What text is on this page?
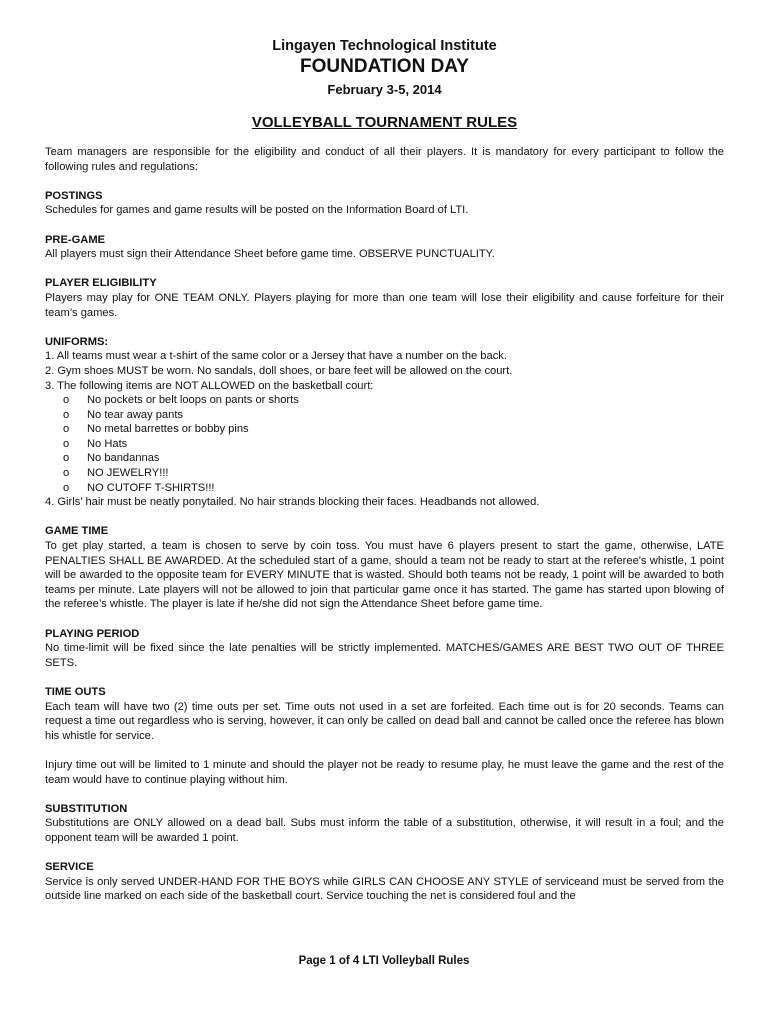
Lingayen Technological Institute
FOUNDATION DAY
February 3-5, 2014
VOLLEYBALL TOURNAMENT RULES

Team managers are responsible for the eligibility and conduct of all their players. It is mandatory for every participant to follow the following rules and regulations:

POSTINGS

Schedules for games and game results will be posted on the Information Board of LTI.

PRE-GAME

All players must sign their Attendance Sheet before game time. OBSERVE PUNCTUALITY.

PLAYER ELIGIBILITY

Players may play for ONE TEAM ONLY. Players playing for more than one team will lose their eligibility and cause forfeiture for their team’s games.

UNIFORMS:

1. All teams must wear a t-shirt of the same color or a Jersey that have a number on the back.

2. Gym shoes MUST be worn. No sandals, doll shoes, or bare feet will be allowed on the court.

3. The following items are NOT ALLOWED on the basketball court:

o	No pockets or belt loops on pants or shorts
o	No tear away pants
o	No metal barrettes or bobby pins
o	No Hats
o	No bandannas
o	NO JEWELRY!!!
o	NO CUTOFF T-SHIRTS!!!

4. Girls’ hair must be neatly ponytailed. No hair strands blocking their faces. Headbands not allowed.

GAME TIME

To get play started, a team is chosen to serve by coin toss. You must have 6 players present to start the game, otherwise, LATE PENALTIES SHALL BE AWARDED. At the scheduled start of a game, should a team not be ready to start at the referee's whistle, 1 point will be awarded to the opposite team for EVERY MINUTE that is wasted. Should both teams not be ready, 1 point will be awarded to both teams per minute. Late players will not be allowed to join that particular game once it has started. The game has started upon blowing of the referee’s whistle. The player is late if he/she did not sign the Attendance Sheet before game time.

PLAYING PERIOD

No time-limit will be fixed since the late penalties will be strictly implemented. MATCHES/GAMES ARE BEST TWO OUT OF THREE SETS.

TIME OUTS

Each team will have two (2) time outs per set. Time outs not used in a set are forfeited. Each time out is for 20 seconds. Teams can request a time out regardless who is serving, however, it can only be called on dead ball and cannot be called once the referee has blown his whistle for service.

Injury time out will be limited to 1 minute and should the player not be ready to resume play, he must leave the game and the rest of the team would have to continue playing without him.

SUBSTITUTION

Substitutions are ONLY allowed on a dead ball. Subs must inform the table of a substitution, otherwise, it will result in a foul; and the opponent team will be awarded 1 point.

SERVICE

Service is only served UNDER-HAND FOR THE BOYS while GIRLS CAN CHOOSE ANY STYLE of serviceand must be served from the outside line marked on each side of the basketball court. Service touching the net is considered foul and the

Page 1 of 4 LTI Volleyball Rules
